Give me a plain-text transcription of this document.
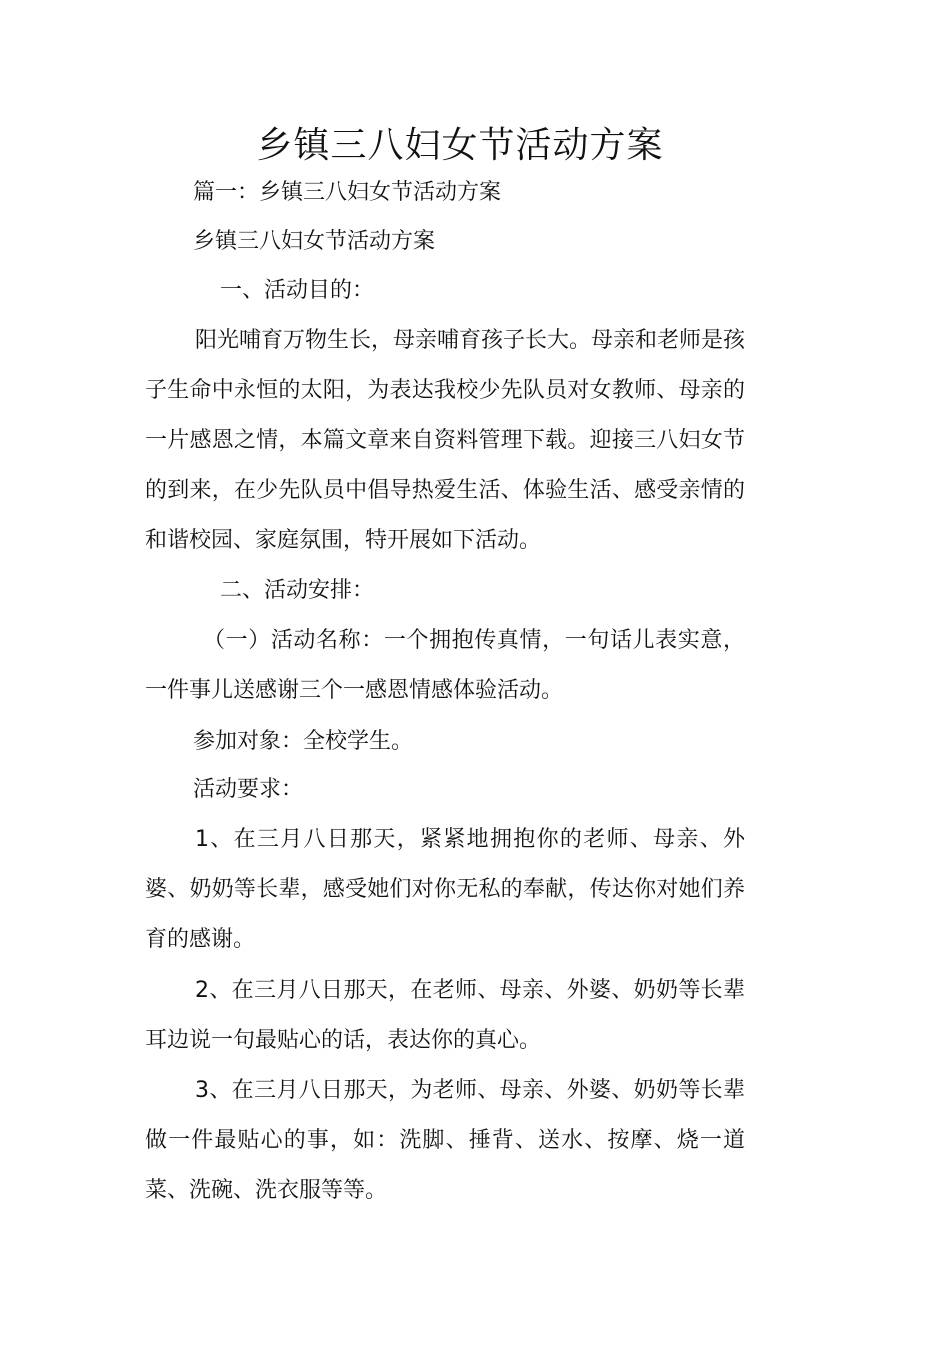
乡镇三八妇女节活动方案
篇一：乡镇三八妇女节活动方案
乡镇三八妇女节活动方案
一、活动目的：
阳光哺育万物生长，母亲哺育孩子长大。母亲和老师是孩子生命中永恒的太阳，为表达我校少先队员对女教师、母亲的一片感恩之情，本篇文章来自资料管理下载。迎接三八妇女节的到来，在少先队员中倡导热爱生活、体验生活、感受亲情的和谐校园、家庭氛围，特开展如下活动。
二、活动安排：
（一）活动名称：一个拥抱传真情，一句话儿表实意，一件事儿送感谢三个一感恩情感体验活动。
参加对象：全校学生。
活动要求：
1、在三月八日那天，紧紧地拥抱你的老师、母亲、外婆、奶奶等长辈，感受她们对你无私的奉献，传达你对她们养育的感谢。
2、在三月八日那天，在老师、母亲、外婆、奶奶等长辈耳边说一句最贴心的话，表达你的真心。
3、在三月八日那天，为老师、母亲、外婆、奶奶等长辈做一件最贴心的事，如：洗脚、捶背、送水、按摩、烧一道菜、洗碗、洗衣服等等。
